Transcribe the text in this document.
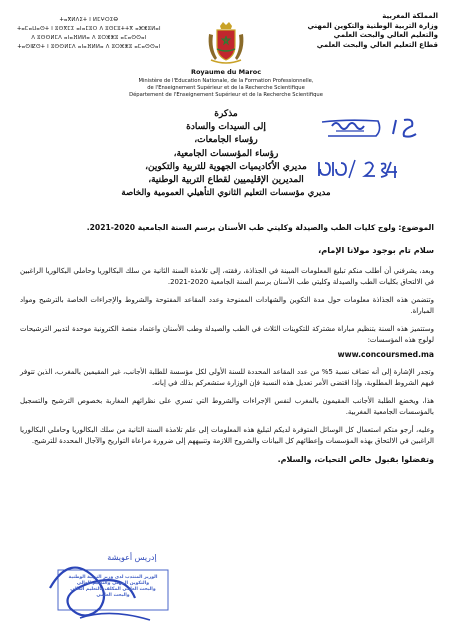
ⵜⴰⴳⵍⴷⵉⵜ ⵏ ⵍⵎⵖⵔⵉⴱ
ⵜⴰⵎⴰⵡⴰⵙⵜ ⵏ ⵓⵙⴳⵎⵉ ⴰⵏⴰⵎⵓⵔ ⴷ ⵓⵙⵎⵓⵜⵜⴳ ⴰⵣⵣⵓⵍⴰⵏ
ⴷ ⵓⵙⵙⵍⵎⴷ ⴰⵏⴰⴼⵍⵍⴰ ⴷ ⵓⵔⵣⵣⵓ ⴰⵎⴰⵙⵙⴰⵏ
ⵜⴰⵙⵏⵇⵙⵜ ⵏ ⵓⵙⵙⵍⵎⴷ ⴰⵏⴰⴼⵍⵍⴰ ⴷ ⵓⵔⵣⵣⵓ ⴰⵎⴰⵙⵙⴰⵏ
المملكة المغربية
وزارة التربية الوطنية والتكوين المهني
والتعليم العالي والبحث العلمي
قطاع التعليم العالي والبحث العلمي
Royaume du Maroc
Ministère de l'Education Nationale, de la Formation Professionnelle,
de l'Enseignement Supérieur et de la Recherche Scientifique
Département de l'Enseignement Supérieur et de la Recherche Scientifique
مذكرة
إلى السيدات والسادة
رؤساء الجامعات،
رؤساء المؤسسات الجامعية،
مديري الأكاديميات الجهوية للتربية والتكوين،
المديرين الإقليميين لقطاع التربية الوطنية،
مديري مؤسسات التعليم الثانوي التأهيلي العمومية والخاصة
الموضوع: ولوج كليات الطب والصيدلة وكليتي طب الأسنان برسم السنة الجامعية 2020-2021.
سلام تام بوجود مولانا الإمام،

وبعد، يشرفني أن أطلب منكم تبليغ المعلومات المبينة في الجذاذة، رفقته، إلى تلامذة السنة الثانية من سلك البكالوريا وحاملي البكالوريا الراغبين في الالتحاق بكليات الطب والصيدلة وكليتي طب الأسنان برسم السنة الجامعية 2020-2021.

وتتضمن هذه الجذاذة معلومات حول مدة التكوين والشهادات الممنوحة وعدد المقاعد المفتوحة والشروط والإجراءات الخاصة بالترشيح ومواد المباراة.

وستتميز هذه السنة بتنظيم مباراة مشتركة للتكوينات الثلاث في الطب والصيدلة وطب الأسنان واعتماد منصة الكترونية موحدة لتدبير الترشيحات لولوج هذه المؤسسات:

www.concoursmed.ma

وتجدر الإشارة إلى أنه تضاف نسبة 5% من عدد المقاعد المحددة للسنة الأولى لكل مؤسسة للطلبة الأجانب، غير المقيمين بالمغرب، الذين تتوفر فيهم الشروط المطلوبة، وإذا اقتضى الأمر تعديل هذه النسبة فإن الوزارة ستشعركم بذلك في إبانه.

هذا، ويخضع الطلبة الأجانب المقيمون بالمغرب لنفس الإجراءات والشروط التي تسري على نظرائهم المغاربة بخصوص الترشيح والتسجيل بالمؤسسات الجامعية المغربية.

وعليه، أرجو منكم استعمال كل الوسائل المتوفرة لديكم لتبليغ هذه المعلومات إلى علم تلامذة السنة الثانية من سلك البكالوريا وحاملي البكالوريا الراغبين في الالتحاق بهذه المؤسسات وإعطائهم كل البيانات والشروح اللازمة وتنبيههم إلى ضرورة مراعاة التواريخ والآجال المحددة للترشيح.

وتفضلوا بقبول خالص التحيات، والسلام.
إدريس أعويشة
الوزير المنتدب لدى وزير التربية الوطنية
والتكوين المهني والتعليم العالي
والبحث العلمي المكلف بالتعليم العالي
والبحث العلمي
